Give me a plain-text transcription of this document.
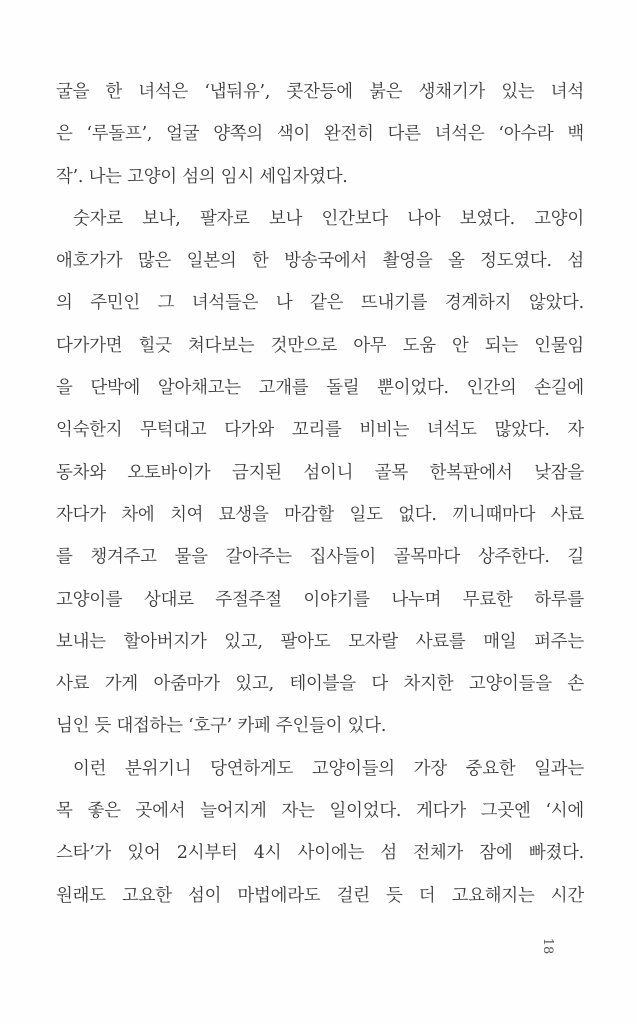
굴을 한 녀석은 ‘냅둬유’, 콧잔등에 붉은 생채기가 있는 녀석
은 ‘루돌프’, 얼굴 양쪽의 색이 완전히 다른 녀석은 ‘아수라 백
작’. 나는 고양이 섬의 임시 세입자였다.
숫자로 보나, 팔자로 보나 인간보다 나아 보였다. 고양이
애호가가 많은 일본의 한 방송국에서 촬영을 올 정도였다. 섬
의 주민인 그 녀석들은 나 같은 뜨내기를 경계하지 않았다.
다가가면 힐긋 쳐다보는 것만으로 아무 도움 안 되는 인물임
을 단박에 알아채고는 고개를 돌릴 뿐이었다. 인간의 손길에
익숙한지 무턱대고 다가와 꼬리를 비비는 녀석도 많았다. 자
동차와 오토바이가 금지된 섬이니 골목 한복판에서 낮잠을
자다가 차에 치여 묘생을 마감할 일도 없다. 끼니때마다 사료
를 챙겨주고 물을 갈아주는 집사들이 골목마다 상주한다. 길
고양이를 상대로 주절주절 이야기를 나누며 무료한 하루를
보내는 할아버지가 있고, 팔아도 모자랄 사료를 매일 퍼주는
사료 가게 아줌마가 있고, 테이블을 다 차지한 고양이들을 손
님인 듯 대접하는 ‘호구’ 카페 주인들이 있다.
이런 분위기니 당연하게도 고양이들의 가장 중요한 일과는
목 좋은 곳에서 늘어지게 자는 일이었다. 게다가 그곳엔 ‘시에
스타’가 있어 2시부터 4시 사이에는 섬 전체가 잠에 빠졌다.
원래도 고요한 섬이 마법에라도 걸린 듯 더 고요해지는 시간
18
